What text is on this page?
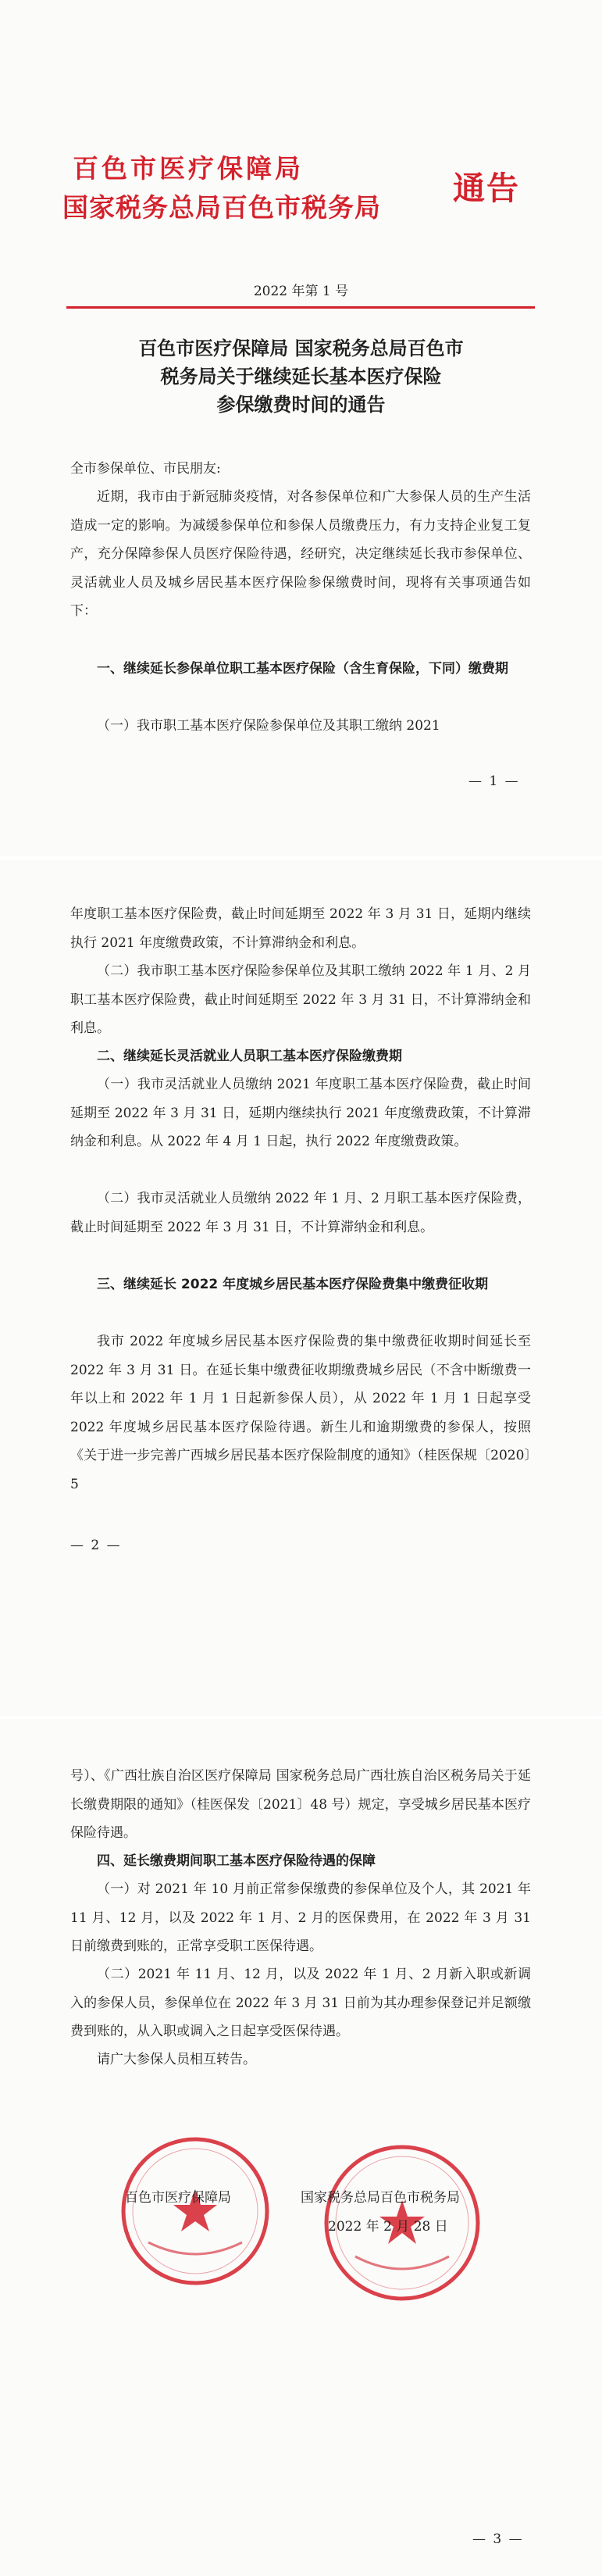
百色市医疗保障局
国家税务总局百色市税务局
通告
2022 年第 1 号
百色市医疗保障局 国家税务总局百色市
税务局关于继续延长基本医疗保险
参保缴费时间的通告
全市参保单位、市民朋友:
近期，我市由于新冠肺炎疫情，对各参保单位和广大参保人员的生产生活造成一定的影响。为减缓参保单位和参保人员缴费压力，有力支持企业复工复产，充分保障参保人员医疗保险待遇，经研究，决定继续延长我市参保单位、灵活就业人员及城乡居民基本医疗保险参保缴费时间，现将有关事项通告如下：
一、继续延长参保单位职工基本医疗保险（含生育保险，下同）缴费期
（一）我市职工基本医疗保险参保单位及其职工缴纳 2021
— 1 —
年度职工基本医疗保险费，截止时间延期至 2022 年 3 月 31 日，延期内继续执行 2021 年度缴费政策，不计算滞纳金和利息。
（二）我市职工基本医疗保险参保单位及其职工缴纳 2022 年 1 月、2 月职工基本医疗保险费，截止时间延期至 2022 年 3 月 31 日，不计算滞纳金和利息。
二、继续延长灵活就业人员职工基本医疗保险缴费期
（一）我市灵活就业人员缴纳 2021 年度职工基本医疗保险费，截止时间延期至 2022 年 3 月 31 日，延期内继续执行 2021 年度缴费政策，不计算滞纳金和利息。从 2022 年 4 月 1 日起，执行 2022 年度缴费政策。
（二）我市灵活就业人员缴纳 2022 年 1 月、2 月职工基本医疗保险费，截止时间延期至 2022 年 3 月 31 日，不计算滞纳金和利息。
三、继续延长 2022 年度城乡居民基本医疗保险费集中缴费征收期
我市 2022 年度城乡居民基本医疗保险费的集中缴费征收期时间延长至 2022 年 3 月 31 日。在延长集中缴费征收期缴费城乡居民（不含中断缴费一年以上和 2022 年 1 月 1 日起新参保人员），从 2022 年 1 月 1 日起享受 2022 年度城乡居民基本医疗保险待遇。新生儿和逾期缴费的参保人，按照《关于进一步完善广西城乡居民基本医疗保险制度的通知》（桂医保规〔2020〕5
— 2 —
号）、《广西壮族自治区医疗保障局 国家税务总局广西壮族自治区税务局关于延长缴费期限的通知》（桂医保发〔2021〕48 号）规定，享受城乡居民基本医疗保险待遇。
四、延长缴费期间职工基本医疗保险待遇的保障
（一）对 2021 年 10 月前正常参保缴费的参保单位及个人，其 2021 年 11 月、12 月，以及 2022 年 1 月、2 月的医保费用，在 2022 年 3 月 31 日前缴费到账的，正常享受职工医保待遇。
（二）2021 年 11 月、12 月，以及 2022 年 1 月、2 月新入职或新调入的参保人员，参保单位在 2022 年 3 月 31 日前为其办理参保登记并足额缴费到账的，从入职或调入之日起享受医保待遇。
请广大参保人员相互转告。
百色市医疗保障局	国家税务总局百色市税务局
2022 年 2 月 28 日
— 3 —
